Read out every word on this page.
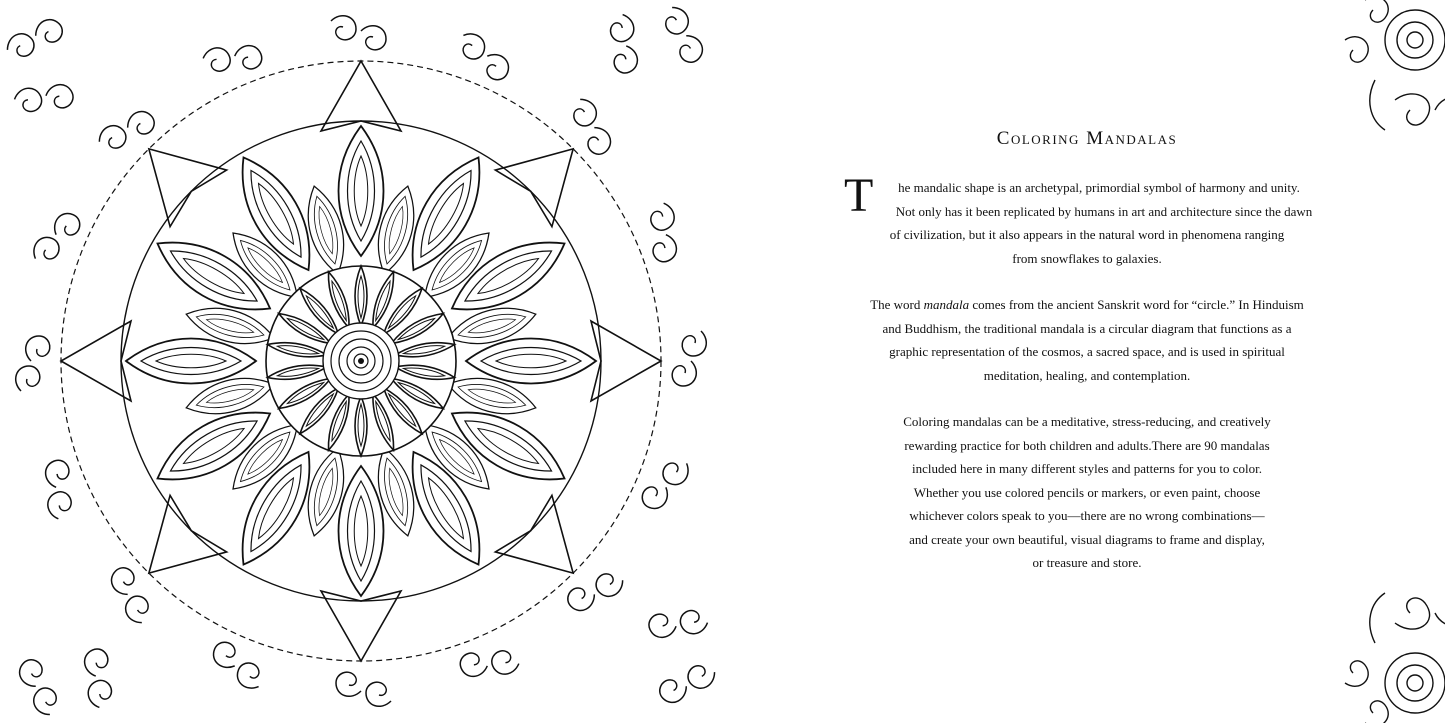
Coloring Mandalas
T	he mandalic shape is an archetypal, primordial symbol of harmony and unity.
Not only has it been replicated by humans in art and architecture since the dawn
of civilization, but it also appears in the natural word in phenomena ranging
from snowflakes to galaxies.
The word mandala comes from the ancient Sanskrit word for “circle.” In Hinduism
and Buddhism, the traditional mandala is a circular diagram that functions as a
graphic representation of the cosmos, a sacred space, and is used in spiritual
meditation, healing, and contemplation.
Coloring mandalas can be a meditative, stress-reducing, and creatively
rewarding practice for both children and adults.There are 90 mandalas
included here in many different styles and patterns for you to color.
Whether you use colored pencils or markers, or even paint, choose
whichever colors speak to you—there are no wrong combinations—
and create your own beautiful, visual diagrams to frame and display,
or treasure and store.
